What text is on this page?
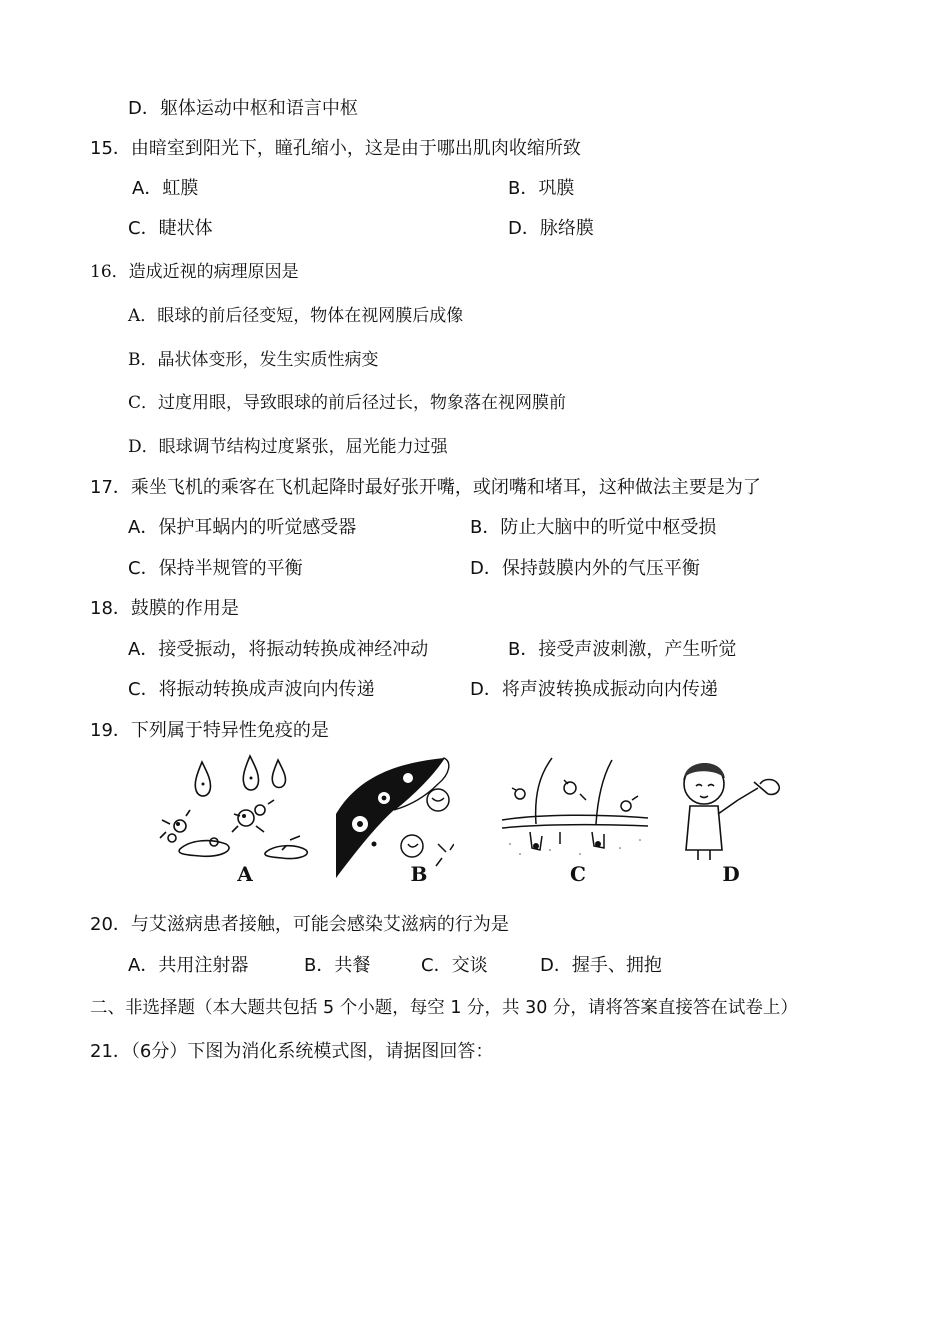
D．躯体运动中枢和语言中枢
15．由暗室到阳光下，瞳孔缩小，这是由于哪出肌肉收缩所致
A．虹膜	B．巩膜
C．睫状体	D．脉络膜
16．造成近视的病理原因是
A．眼球的前后径变短，物体在视网膜后成像
B．晶状体变形，发生实质性病变
C．过度用眼，导致眼球的前后径过长，物象落在视网膜前
D．眼球调节结构过度紧张，屈光能力过强
17．乘坐飞机的乘客在飞机起降时最好张开嘴，或闭嘴和堵耳，这种做法主要是为了
A．保护耳蜗内的听觉感受器	B．防止大脑中的听觉中枢受损
C．保持半规管的平衡	D．保持鼓膜内外的气压平衡
18．鼓膜的作用是
A．接受振动，将振动转换成神经冲动	B．接受声波刺激，产生听觉
C．将振动转换成声波向内传递	D．将声波转换成振动向内传递
19．下列属于特异性免疫的是
A	B	C	D
20．与艾滋病患者接触，可能会感染艾滋病的行为是
A．共用注射器	B．共餐	C．交谈	D．握手、拥抱
二、非选择题（本大题共包括 5 个小题，每空 1 分，共 30 分，请将答案直接答在试卷上）
21．（6分）下图为消化系统模式图，请据图回答：
